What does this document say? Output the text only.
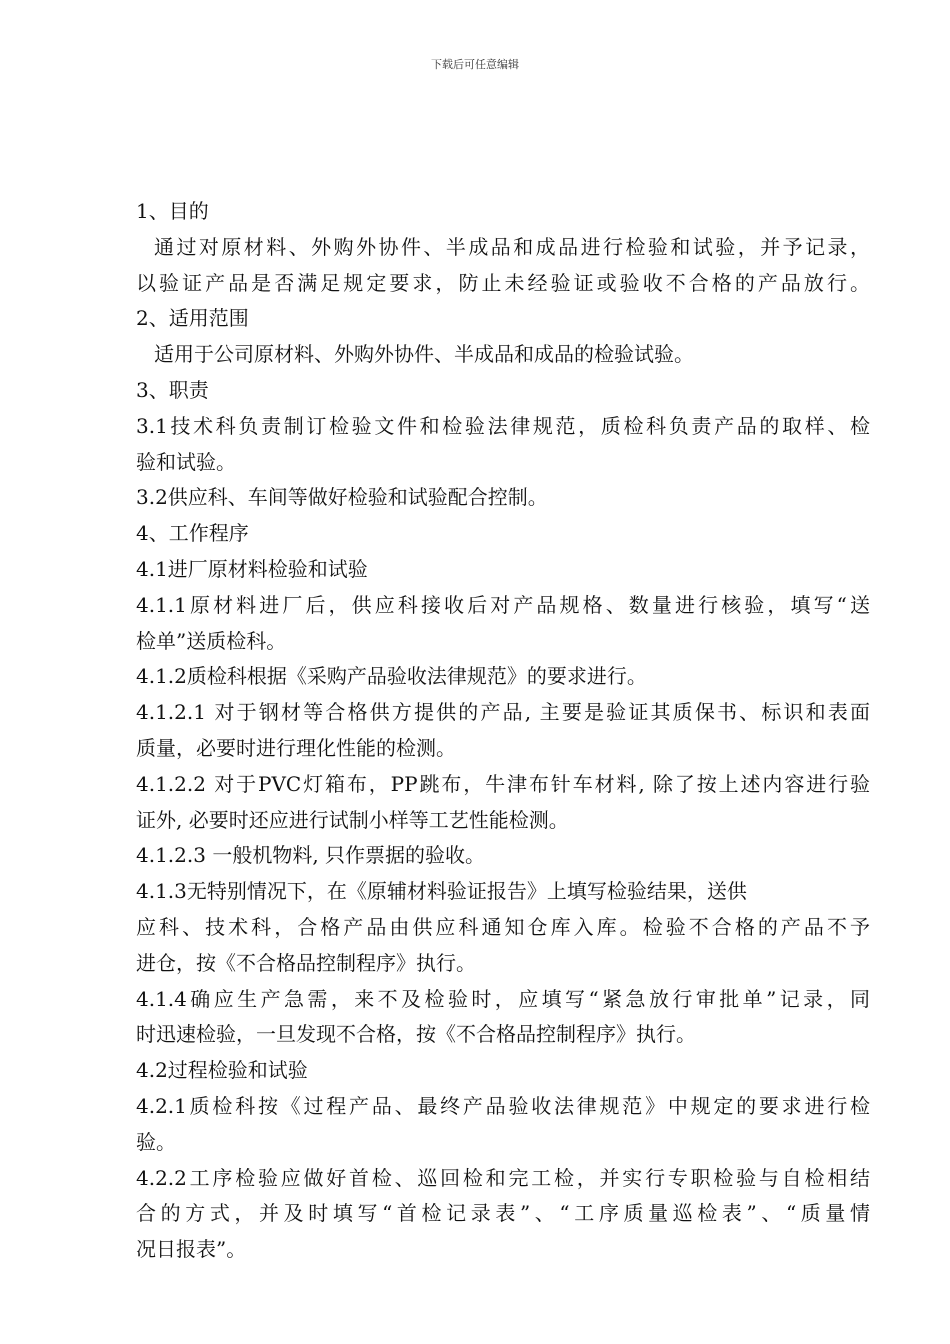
下载后可任意编辑
1、目的
通过对原材料、外购外协件、半成品和成品进行检验和试验，并予记录，
以验证产品是否满足规定要求，防止未经验证或验收不合格的产品放行。
2、适用范围
适用于公司原材料、外购外协件、半成品和成品的检验试验。
3、职责
3.1技术科负责制订检验文件和检验法律规范，质检科负责产品的取样、检
验和试验。
3.2供应科、车间等做好检验和试验配合控制。
4、工作程序
4.1进厂原材料检验和试验
4.1.1原材料进厂后，供应科接收后对产品规格、数量进行核验，填写“送
检单”送质检科。
4.1.2质检科根据《采购产品验收法律规范》的要求进行。
4.1.2.1 对于钢材等合格供方提供的产品, 主要是验证其质保书、标识和表面
质量，必要时进行理化性能的检测。
4.1.2.2 对于PVC灯箱布，PP跳布，牛津布针车材料, 除了按上述内容进行验
证外, 必要时还应进行试制小样等工艺性能检测。
4.1.2.3 一般机物料, 只作票据的验收。
4.1.3无特别情况下，在《原辅材料验证报告》上填写检验结果，送供
应科、技术科，合格产品由供应科通知仓库入库。检验不合格的产品不予
进仓，按《不合格品控制程序》执行。
4.1.4确应生产急需，来不及检验时，应填写“紧急放行审批单”记录，同
时迅速检验，一旦发现不合格，按《不合格品控制程序》执行。
4.2过程检验和试验
4.2.1质检科按《过程产品、最终产品验收法律规范》中规定的要求进行检
验。
4.2.2工序检验应做好首检、巡回检和完工检，并实行专职检验与自检相结
合的方式，并及时填写“首检记录表”、“工序质量巡检表”、“质量情
况日报表”。
